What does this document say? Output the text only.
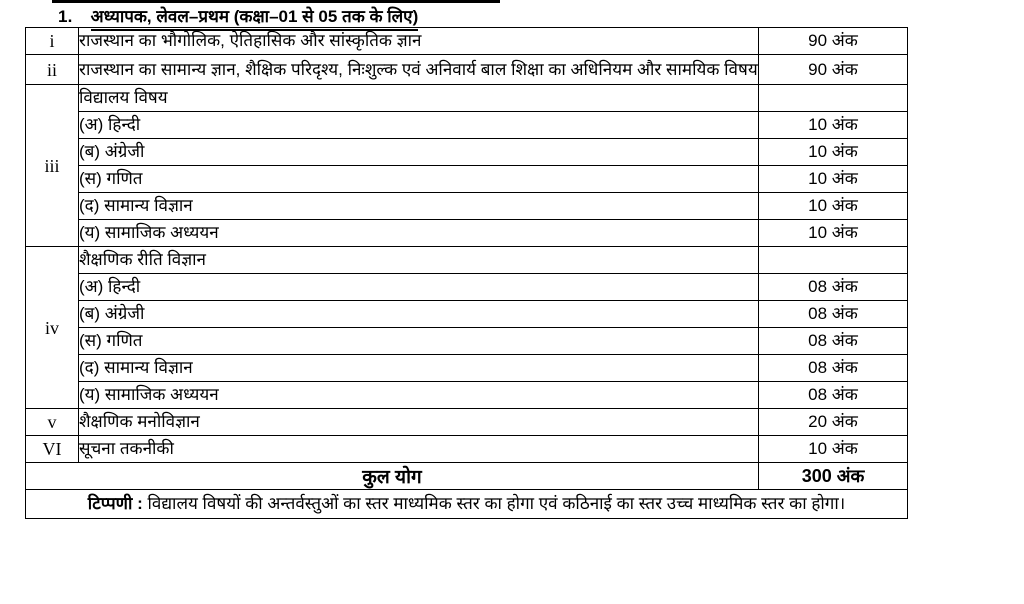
1. अध्यापक, लेवल–प्रथम (कक्षा–01 से 05 तक के लिए)
i	राजस्थान का भौगोलिक, ऐतिहासिक और सांस्कृतिक ज्ञान	90 अंक
ii	राजस्थान का सामान्य ज्ञान, शैक्षिक परिदृश्य, निःशुल्क एवं अनिवार्य बाल शिक्षा का अधिनियम और सामयिक विषय	90 अंक
iii	विद्यालय विषय	
	(अ) हिन्दी	10 अंक
	(ब) अंग्रेजी	10 अंक
	(स) गणित	10 अंक
	(द) सामान्य विज्ञान	10 अंक
	(य) सामाजिक अध्ययन	10 अंक
iv	शैक्षणिक रीति विज्ञान	
	(अ) हिन्दी	08 अंक
	(ब) अंग्रेजी	08 अंक
	(स) गणित	08 अंक
	(द) सामान्य विज्ञान	08 अंक
	(य) सामाजिक अध्ययन	08 अंक
v	शैक्षणिक मनोविज्ञान	20 अंक
VI	सूचना तकनीकी	10 अंक
कुल योग		300 अंक
टिप्पणी : विद्यालय विषयों की अन्तर्वस्तुओं का स्तर माध्यमिक स्तर का होगा एवं कठिनाई का स्तर उच्च माध्यमिक स्तर का होगा।		
